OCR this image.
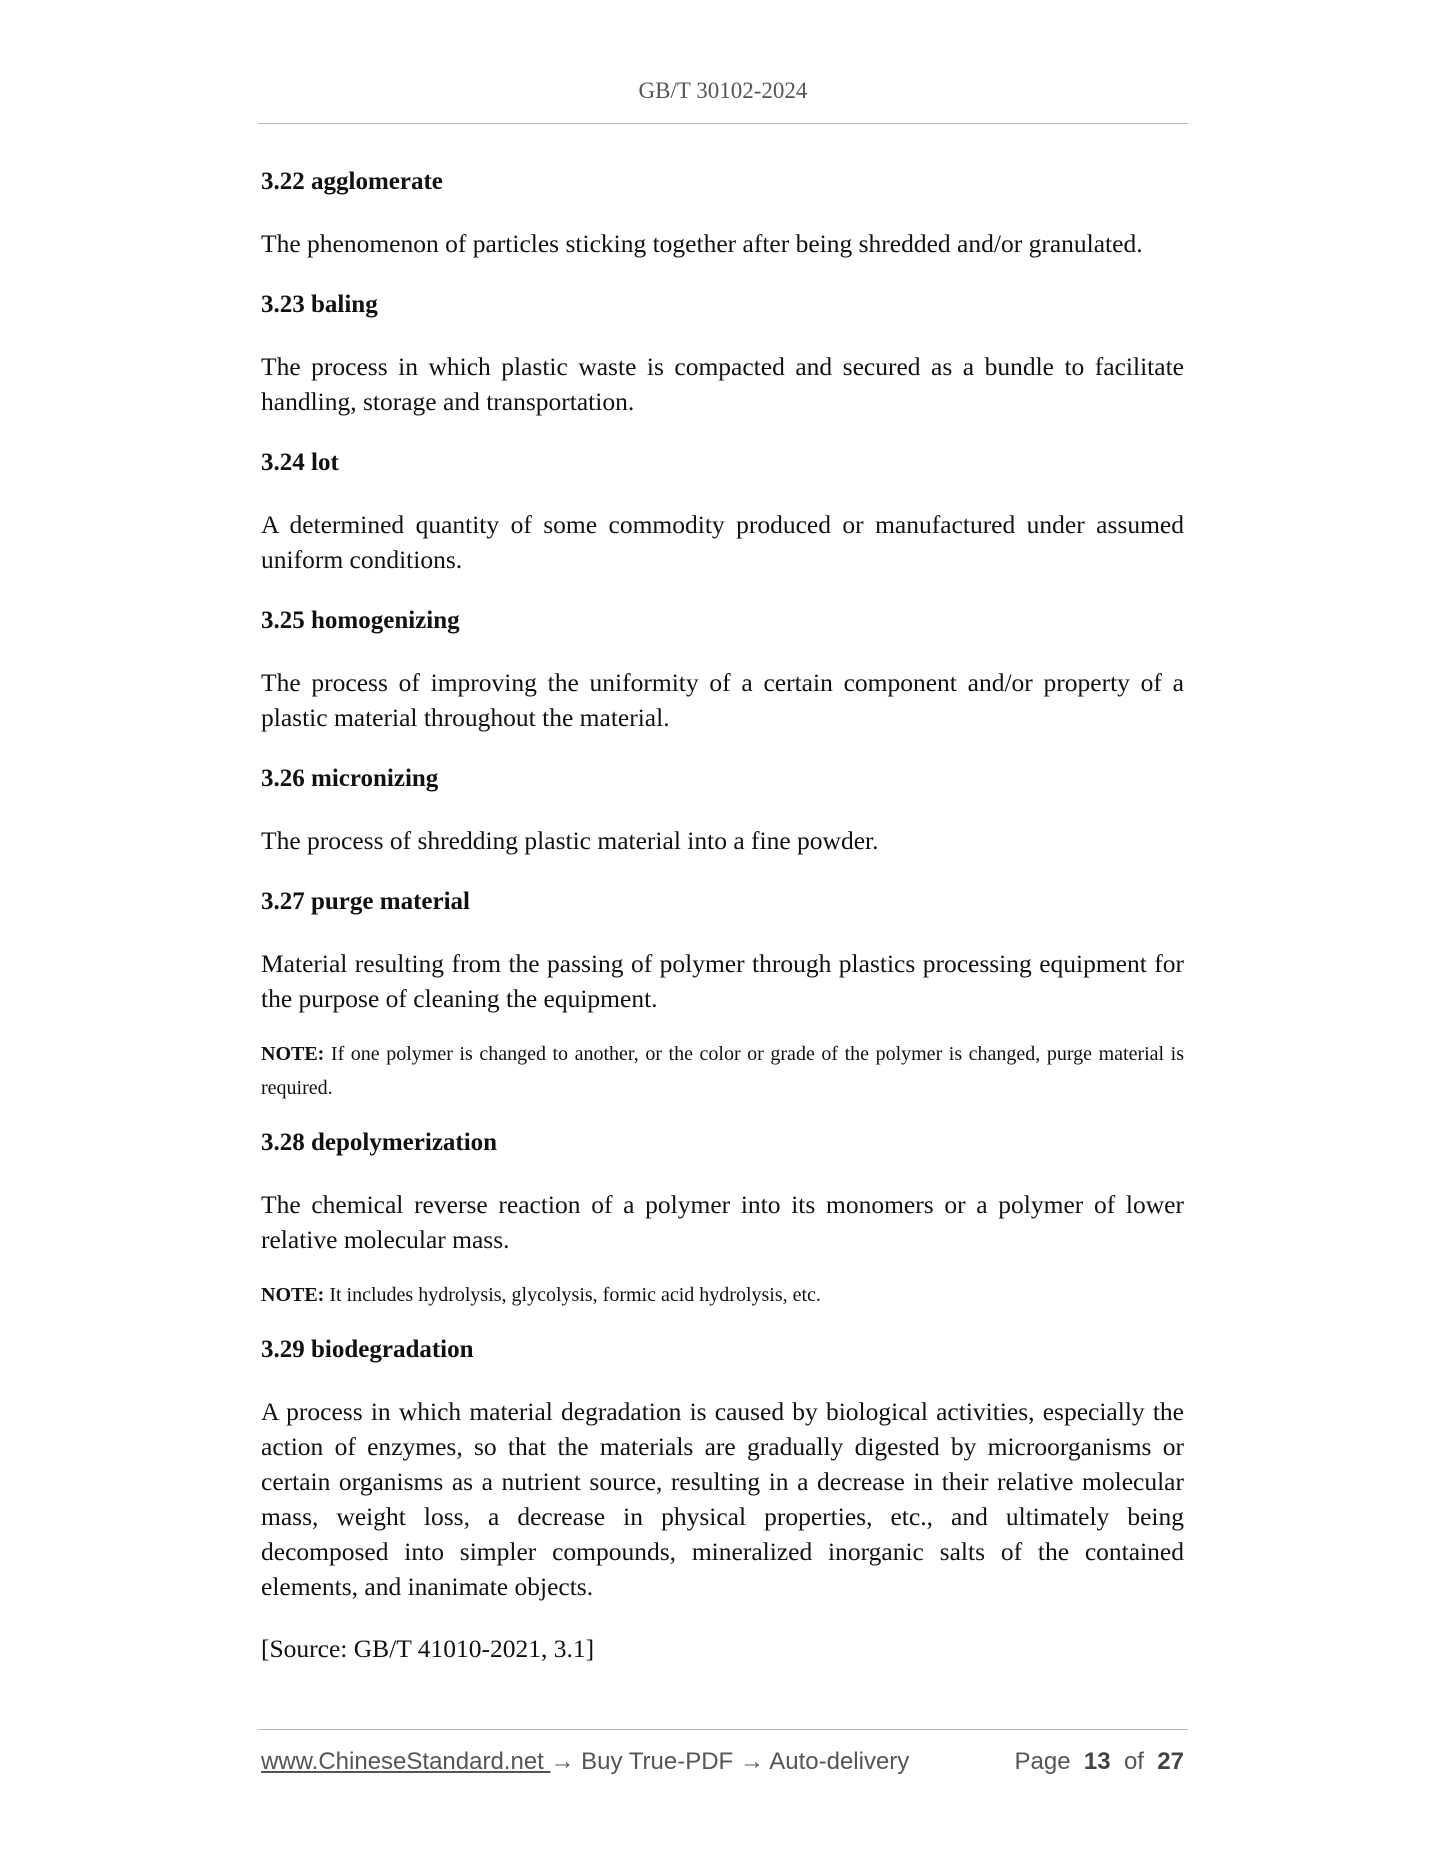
GB/T 30102-2024
3.22 agglomerate
The phenomenon of particles sticking together after being shredded and/or granulated.
3.23 baling
The process in which plastic waste is compacted and secured as a bundle to facilitate handling, storage and transportation.
3.24 lot
A determined quantity of some commodity produced or manufactured under assumed uniform conditions.
3.25 homogenizing
The process of improving the uniformity of a certain component and/or property of a plastic material throughout the material.
3.26 micronizing
The process of shredding plastic material into a fine powder.
3.27 purge material
Material resulting from the passing of polymer through plastics processing equipment for the purpose of cleaning the equipment.
NOTE: If one polymer is changed to another, or the color or grade of the polymer is changed, purge material is required.
3.28 depolymerization
The chemical reverse reaction of a polymer into its monomers or a polymer of lower relative molecular mass.
NOTE: It includes hydrolysis, glycolysis, formic acid hydrolysis, etc.
3.29 biodegradation
A process in which material degradation is caused by biological activities, especially the action of enzymes, so that the materials are gradually digested by microorganisms or certain organisms as a nutrient source, resulting in a decrease in their relative molecular mass, weight loss, a decrease in physical properties, etc., and ultimately being decomposed into simpler compounds, mineralized inorganic salts of the contained elements, and inanimate objects.
[Source: GB/T 41010-2021, 3.1]
www.ChineseStandard.net → Buy True-PDF → Auto-delivery	Page 13 of 27
